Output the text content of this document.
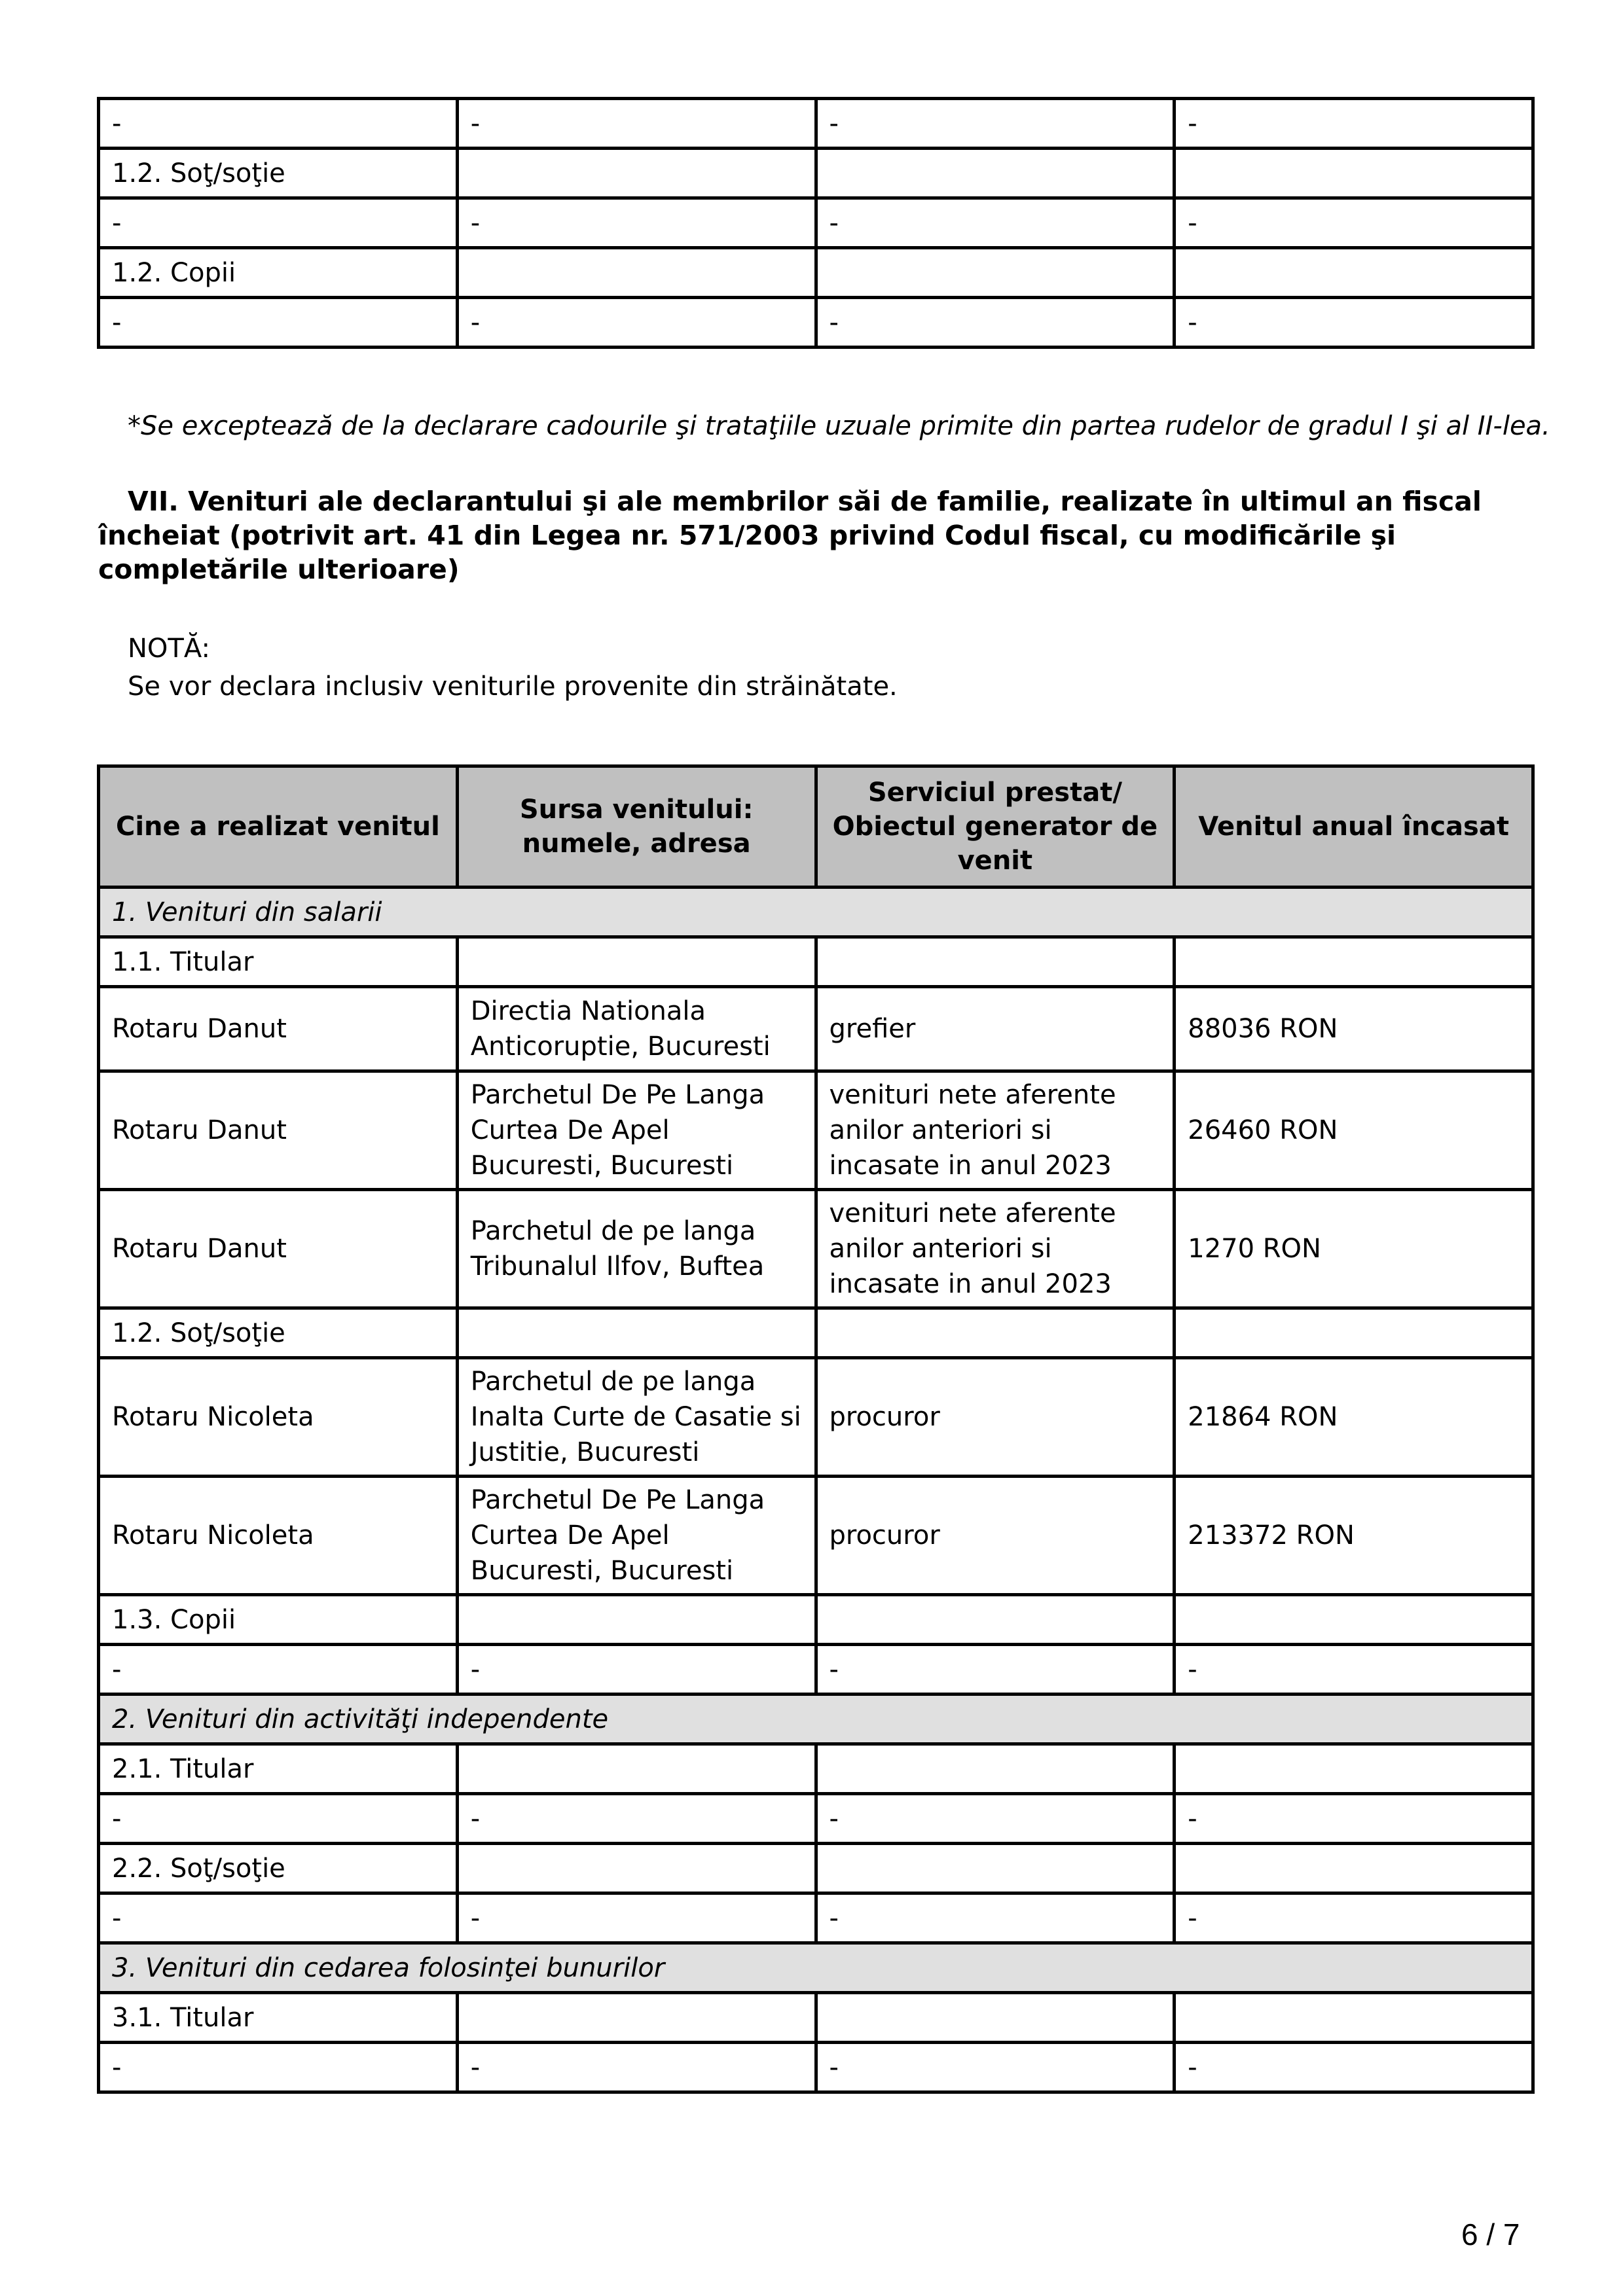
-	-	-	-
1.2. Soţ/soţie			
-	-	-	-
1.2. Copii			
-	-	-	-
*Se exceptează de la declarare cadourile şi trataţiile uzuale primite din partea rudelor de gradul I şi al II-lea.
VII. Venituri ale declarantului şi ale membrilor săi de familie, realizate în ultimul an fiscal încheiat (potrivit art. 41 din Legea nr. 571/2003 privind Codul fiscal, cu modificările şi completările ulterioare)
NOTĂ:
Se vor declara inclusiv veniturile provenite din străinătate.
Cine a realizat venitul	Sursa venitului: numele, adresa	Serviciul prestat/ Obiectul generator de venit	Venitul anual încasat
1. Venituri din salarii			
1.1. Titular			
Rotaru Danut	Directia Nationala Anticoruptie, Bucuresti	grefier	88036 RON
Rotaru Danut	Parchetul De Pe Langa Curtea De Apel Bucuresti, Bucuresti	venituri nete aferente anilor anteriori si incasate in anul 2023	26460 RON
Rotaru Danut	Parchetul de pe langa Tribunalul Ilfov, Buftea	venituri nete aferente anilor anteriori si incasate in anul 2023	1270 RON
1.2. Soţ/soţie			
Rotaru Nicoleta	Parchetul de pe langa Inalta Curte de Casatie si Justitie, Bucuresti	procuror	21864 RON
Rotaru Nicoleta	Parchetul De Pe Langa Curtea De Apel Bucuresti, Bucuresti	procuror	213372 RON
1.3. Copii			
-	-	-	-
2. Venituri din activităţi independente			
2.1. Titular			
-	-	-	-
2.2. Soţ/soţie			
-	-	-	-
3. Venituri din cedarea folosinţei bunurilor			
3.1. Titular			
-	-	-	-
6 / 7
